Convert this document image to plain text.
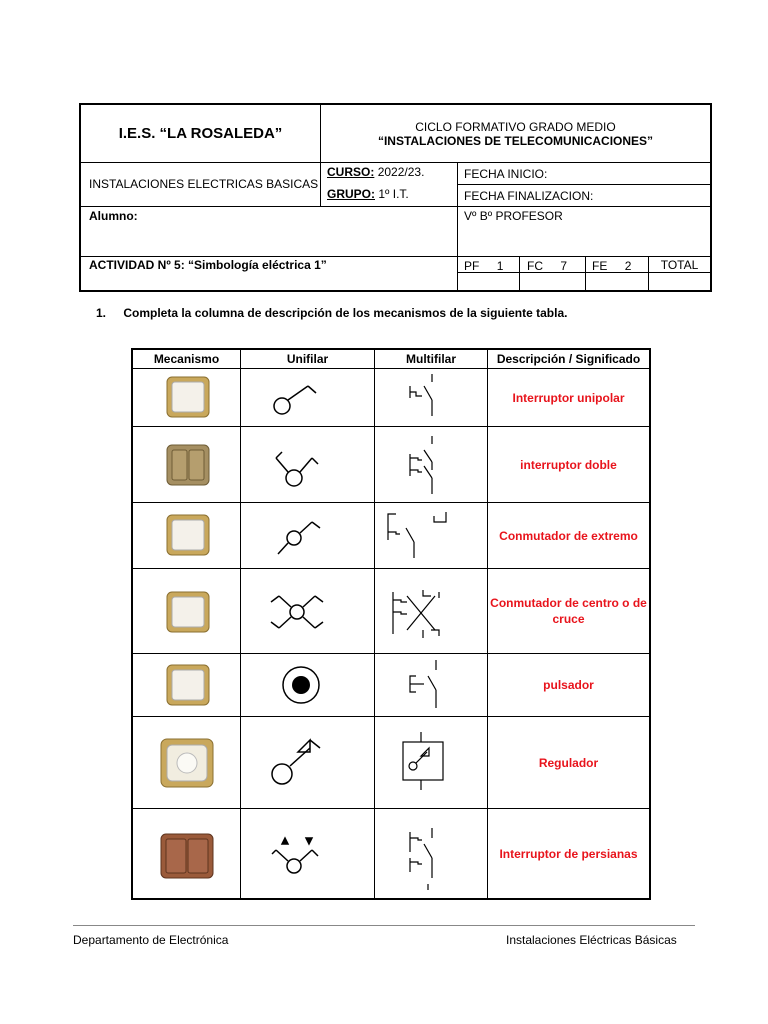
I.E.S. “LA ROSALEDA”	CICLO FORMATIVO GRADO MEDIO
“INSTALACIONES DE TELECOMUNICACIONES”
INSTALACIONES ELECTRICAS BASICAS
CURSO: 2022/23.
GRUPO: 1º I.T.
FECHA INICIO:
FECHA FINALIZACION:
Alumno:	Vº Bº PROFESOR
ACTIVIDAD Nº 5: “Simbología eléctrica 1”	PF 1	FC 7	FE 2	TOTAL
1. Completa la columna de descripción de los mecanismos de la siguiente tabla.
Mecanismo	Unifilar	Multifilar	Descripción / Significado
Interruptor unipolar
interruptor doble
Conmutador de extremo
Conmutador de centro o de cruce
pulsador
Regulador
Interruptor de persianas
Departamento de Electrónica	Instalaciones Eléctricas Básicas
